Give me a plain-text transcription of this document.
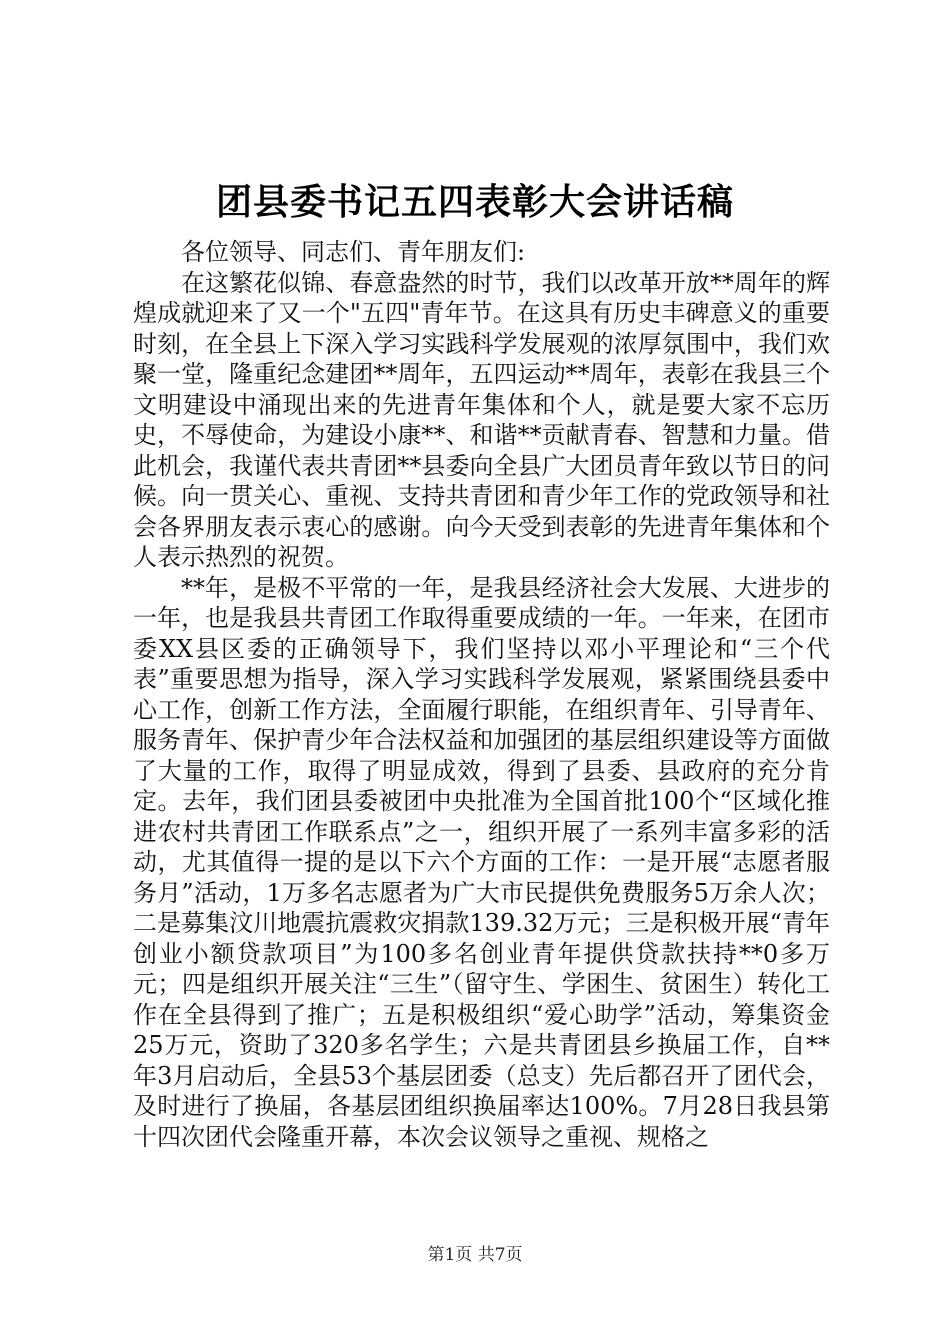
团县委书记五四表彰大会讲话稿

各位领导、同志们、青年朋友们:

在这繁花似锦、春意盎然的时节，我们以改革开放**周年的辉煌成就迎来了又一个"五四"青年节。在这具有历史丰碑意义的重要时刻，在全县上下深入学习实践科学发展观的浓厚氛围中，我们欢聚一堂，隆重纪念建团**周年，五四运动**周年，表彰在我县三个文明建设中涌现出来的先进青年集体和个人，就是要大家不忘历史，不辱使命，为建设小康**、和谐**贡献青春、智慧和力量。借此机会，我谨代表共青团**县委向全县广大团员青年致以节日的问候。向一贯关心、重视、支持共青团和青少年工作的党政领导和社会各界朋友表示衷心的感谢。向今天受到表彰的先进青年集体和个人表示热烈的祝贺。

**年，是极不平常的一年，是我县经济社会大发展、大进步的一年，也是我县共青团工作取得重要成绩的一年。一年来，在团市委XX县区委的正确领导下，我们坚持以邓小平理论和“三个代表”重要思想为指导，深入学习实践科学发展观，紧紧围绕县委中心工作，创新工作方法，全面履行职能，在组织青年、引导青年、服务青年、保护青少年合法权益和加强团的基层组织建设等方面做了大量的工作，取得了明显成效，得到了县委、县政府的充分肯定。去年，我们团县委被团中央批准为全国首批100个“区域化推进农村共青团工作联系点”之一，组织开展了一系列丰富多彩的活动，尤其值得一提的是以下六个方面的工作：一是开展“志愿者服务月”活动，1万多名志愿者为广大市民提供免费服务5万余人次；二是募集汶川地震抗震救灾捐款139.32万元；三是积极开展“青年创业小额贷款项目”为100多名创业青年提供贷款扶持**0多万元；四是组织开展关注“三生”（留守生、学困生、贫困生）转化工作在全县得到了推广；五是积极组织“爱心助学”活动，筹集资金25万元，资助了320多名学生；六是共青团县乡换届工作，自**年3月启动后，全县53个基层团委（总支）先后都召开了团代会，及时进行了换届，各基层团组织换届率达100%。7月28日我县第十四次团代会隆重开幕，本次会议领导之重视、规格之

第1页 共7页
